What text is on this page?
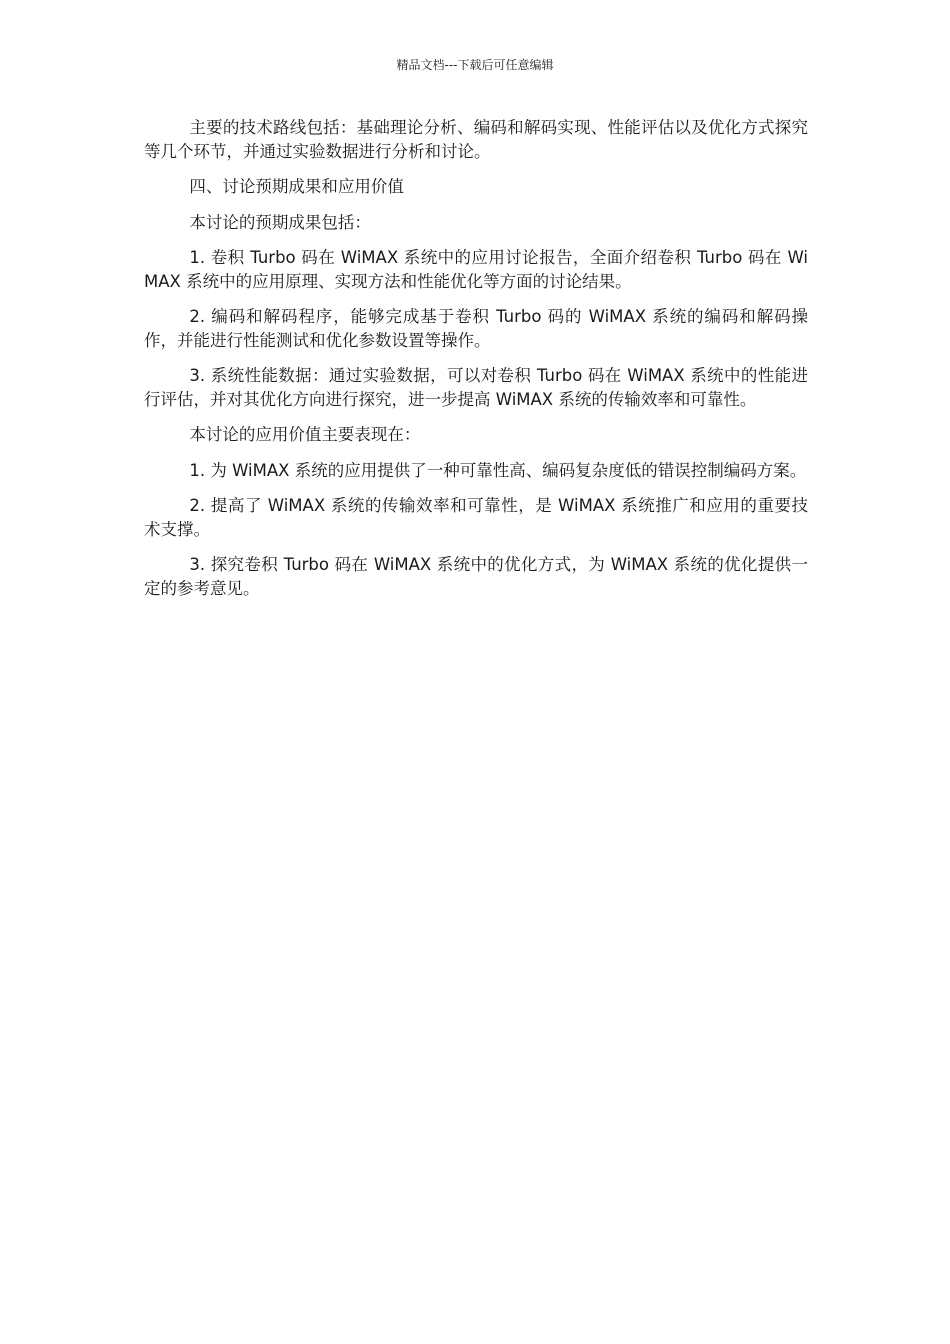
精品文档---下载后可任意编辑

主要的技术路线包括：基础理论分析、编码和解码实现、性能评估以及优化方式探究等几个环节，并通过实验数据进行分析和讨论。

四、讨论预期成果和应用价值

本讨论的预期成果包括：

1. 卷积 Turbo 码在 WiMAX 系统中的应用讨论报告，全面介绍卷积 Turbo 码在 WiMAX 系统中的应用原理、实现方法和性能优化等方面的讨论结果。

2. 编码和解码程序，能够完成基于卷积 Turbo 码的 WiMAX 系统的编码和解码操作，并能进行性能测试和优化参数设置等操作。

3. 系统性能数据：通过实验数据，可以对卷积 Turbo 码在 WiMAX 系统中的性能进行评估，并对其优化方向进行探究，进一步提高 WiMAX 系统的传输效率和可靠性。

本讨论的应用价值主要表现在：

1. 为 WiMAX 系统的应用提供了一种可靠性高、编码复杂度低的错误控制编码方案。

2. 提高了 WiMAX 系统的传输效率和可靠性，是 WiMAX 系统推广和应用的重要技术支撑。

3. 探究卷积 Turbo 码在 WiMAX 系统中的优化方式，为 WiMAX 系统的优化提供一定的参考意见。
